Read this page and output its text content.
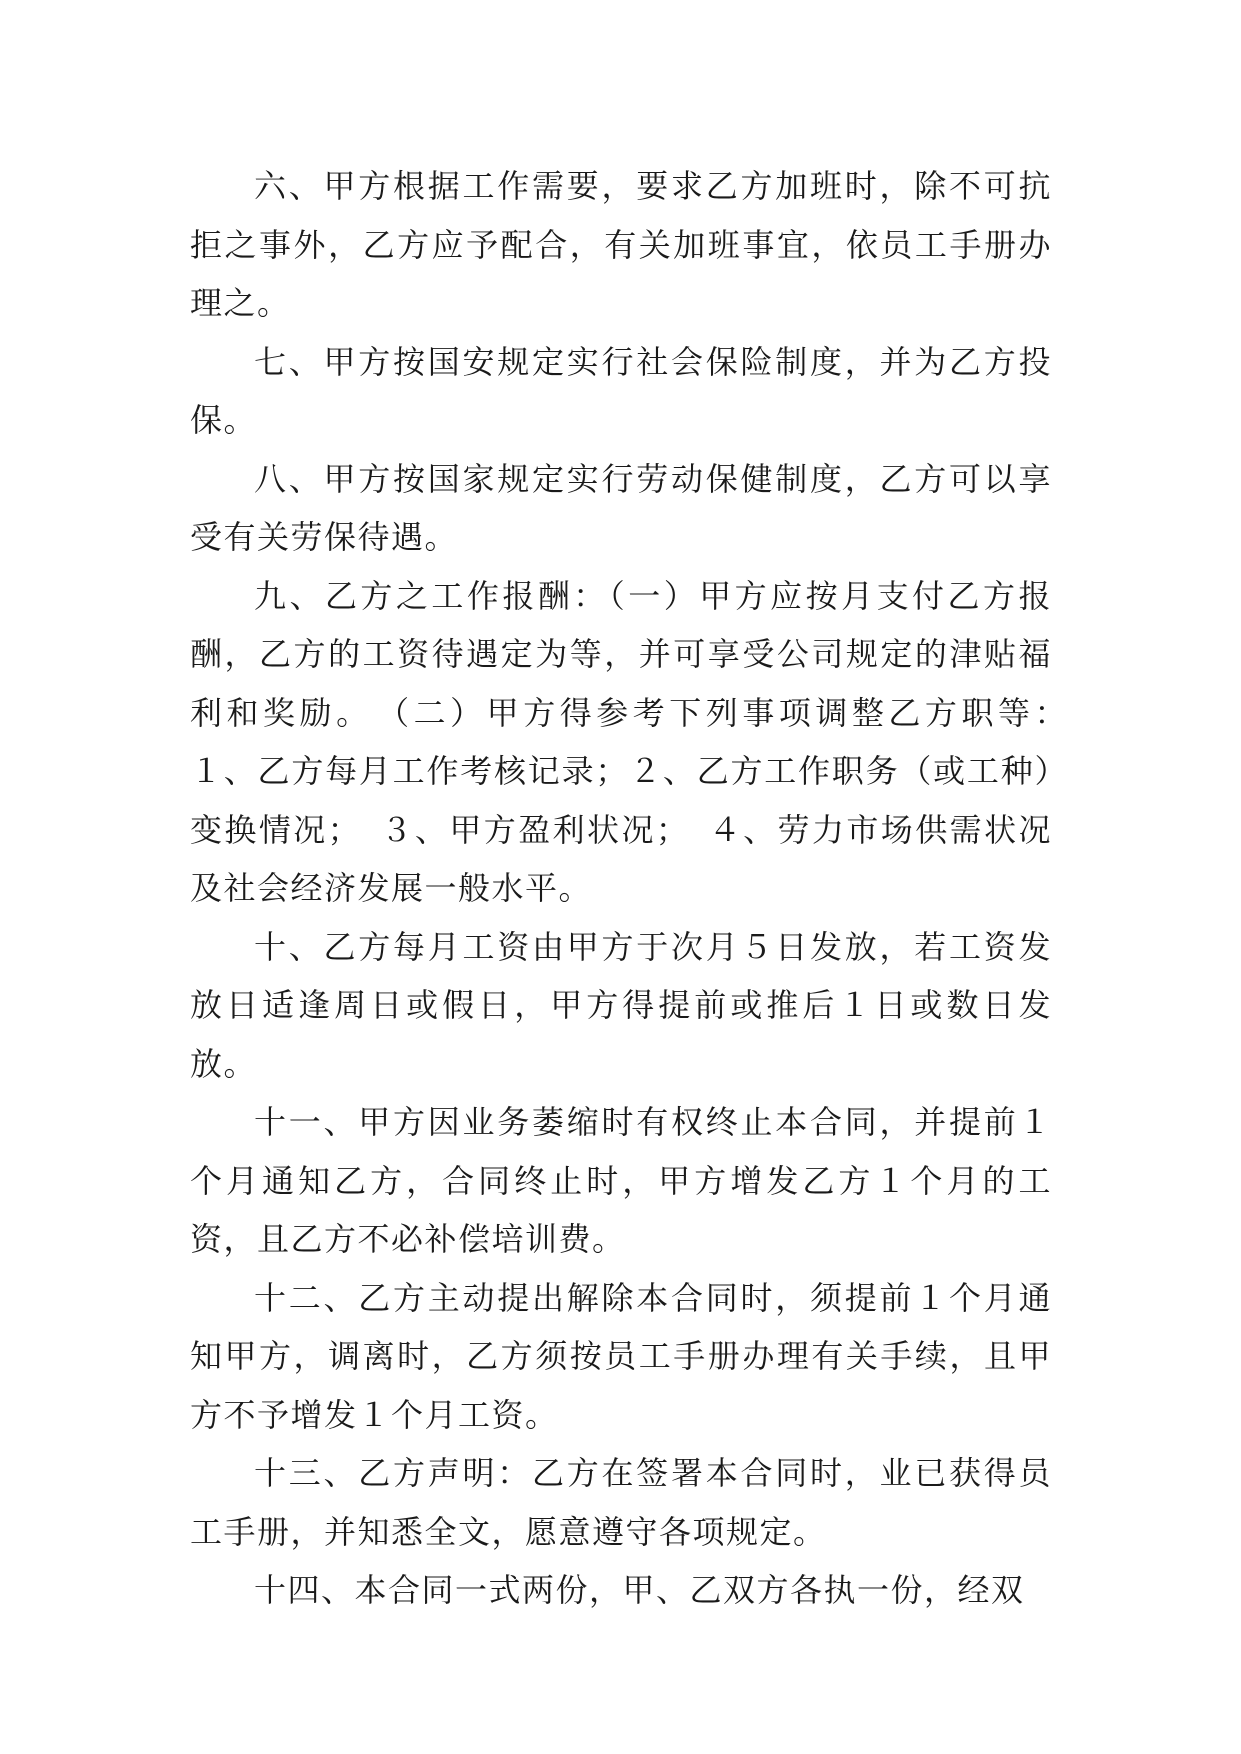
六、甲方根据工作需要，要求乙方加班时，除不可抗拒之事外，乙方应予配合，有关加班事宜，依员工手册办理之。

七、甲方按国安规定实行社会保险制度，并为乙方投保。

八、甲方按国家规定实行劳动保健制度，乙方可以享受有关劳保待遇。

九、乙方之工作报酬：（一）甲方应按月支付乙方报酬，乙方的工资待遇定为等，并可享受公司规定的津贴福利和奖励。　（二）甲方得参考下列事项调整乙方职等：　１、乙方每月工作考核记录；２、乙方工作职务（或工种）变换情况；　３、甲方盈利状况；　４、劳力市场供需状况及社会经济发展一般水平。

十、乙方每月工资由甲方于次月５日发放，若工资发放日适逢周日或假日，甲方得提前或推后１日或数日发放。

十一、甲方因业务萎缩时有权终止本合同，并提前１个月通知乙方，合同终止时，甲方增发乙方１个月的工资，且乙方不必补偿培训费。

十二、乙方主动提出解除本合同时，须提前１个月通知甲方，调离时，乙方须按员工手册办理有关手续，且甲方不予增发１个月工资。

十三、乙方声明：乙方在签署本合同时，业已获得员工手册，并知悉全文，愿意遵守各项规定。

十四、本合同一式两份，甲、乙双方各执一份，经双
